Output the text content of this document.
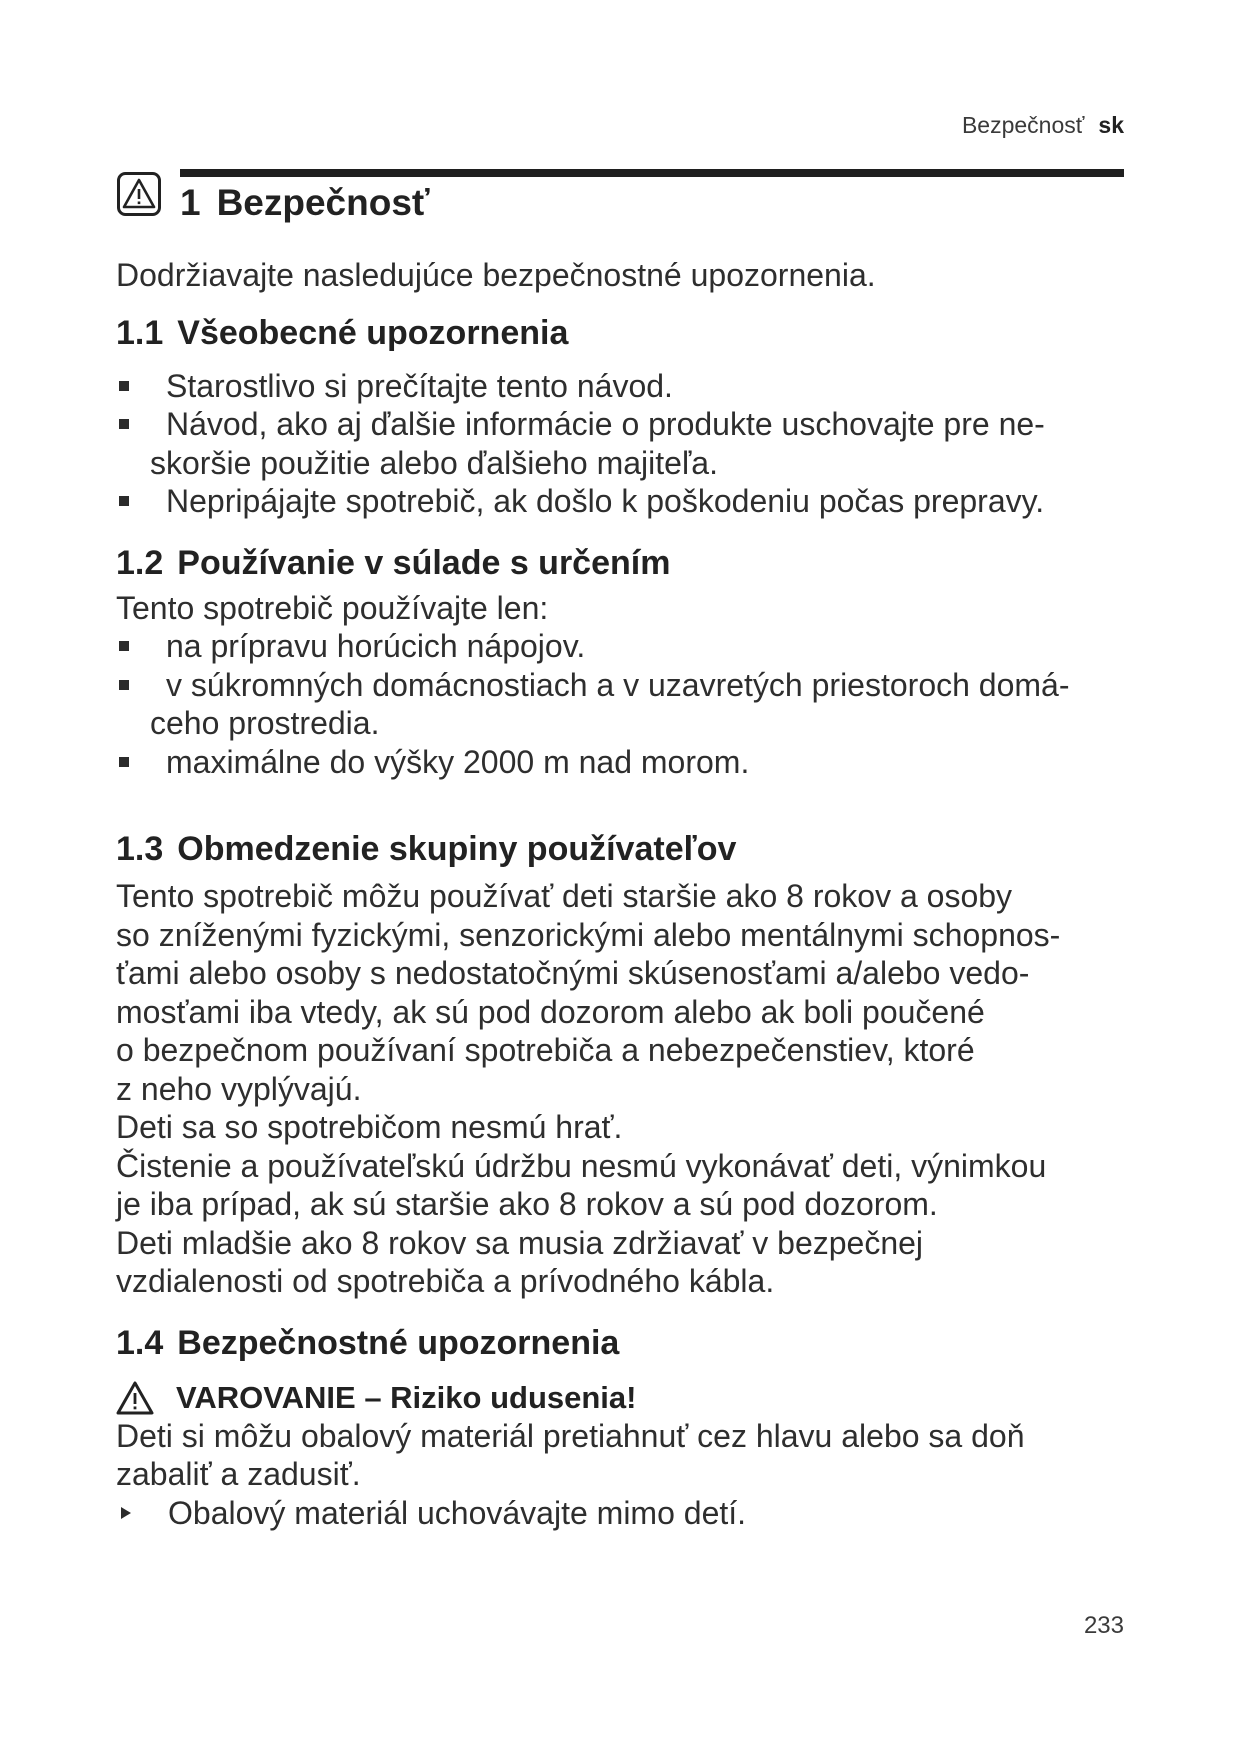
Bezpečnosť sk
1 Bezpečnosť

Dodržiavajte nasledujúce bezpečnostné upozornenia.

1.1 Všeobecné upozornenia
Starostlivo si prečítajte tento návod.
Návod, ako aj ďalšie informácie o produkte uschovajte pre ne-
skoršie použitie alebo ďalšieho majiteľa.
Nepripájajte spotrebič, ak došlo k poškodeniu počas prepravy.
1.2 Používanie v súlade s určením

Tento spotrebič používajte len:

na prípravu horúcich nápojov.
v súkromných domácnostiach a v uzavretých priestoroch domá-
ceho prostredia.
maximálne do výšky 2000 m nad morom.
1.3 Obmedzenie skupiny používateľov
Tento spotrebič môžu používať deti staršie ako 8 rokov a osoby
so zníženými fyzickými, senzorickými alebo mentálnymi schopnos-
ťami alebo osoby s nedostatočnými skúsenosťami a/alebo vedo-
mosťami iba vtedy, ak sú pod dozorom alebo ak boli poučené
o bezpečnom používaní spotrebiča a nebezpečenstiev, ktoré
z neho vyplývajú.
Deti sa so spotrebičom nesmú hrať.
Čistenie a používateľskú údržbu nesmú vykonávať deti, výnimkou
je iba prípad, ak sú staršie ako 8 rokov a sú pod dozorom.
Deti mladšie ako 8 rokov sa musia zdržiavať v bezpečnej
vzdialenosti od spotrebiča a prívodného kábla.
1.4 Bezpečnostné upozornenia
VAROVANIE – Riziko udusenia!
Deti si môžu obalový materiál pretiahnuť cez hlavu alebo sa doň
zabaliť a zadusiť.
Obalový materiál uchovávajte mimo detí.
233
